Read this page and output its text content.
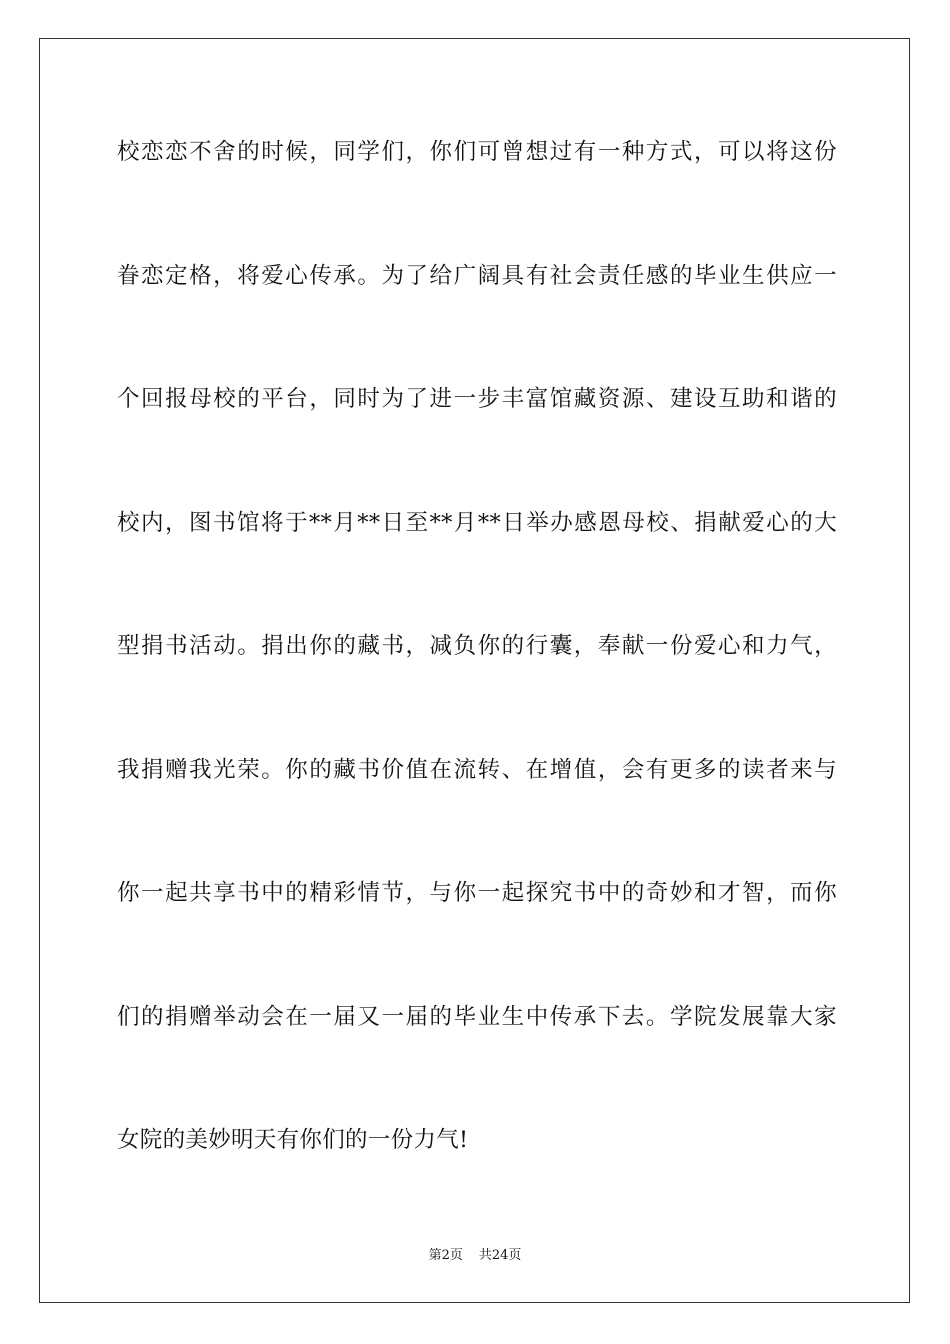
校恋恋不舍的时候，同学们，你们可曾想过有一种方式，可以将这份
眷恋定格，将爱心传承。为了给广阔具有社会责任感的毕业生供应一
个回报母校的平台，同时为了进一步丰富馆藏资源、建设互助和谐的
校内，图书馆将于**月**日至**月**日举办感恩母校、捐献爱心的大
型捐书活动。捐出你的藏书，减负你的行囊，奉献一份爱心和力气，
我捐赠我光荣。你的藏书价值在流转、在增值，会有更多的读者来与
你一起共享书中的精彩情节，与你一起探究书中的奇妙和才智，而你
们的捐赠举动会在一届又一届的毕业生中传承下去。学院发展靠大家
女院的美妙明天有你们的一份力气!
第2页 共24页
